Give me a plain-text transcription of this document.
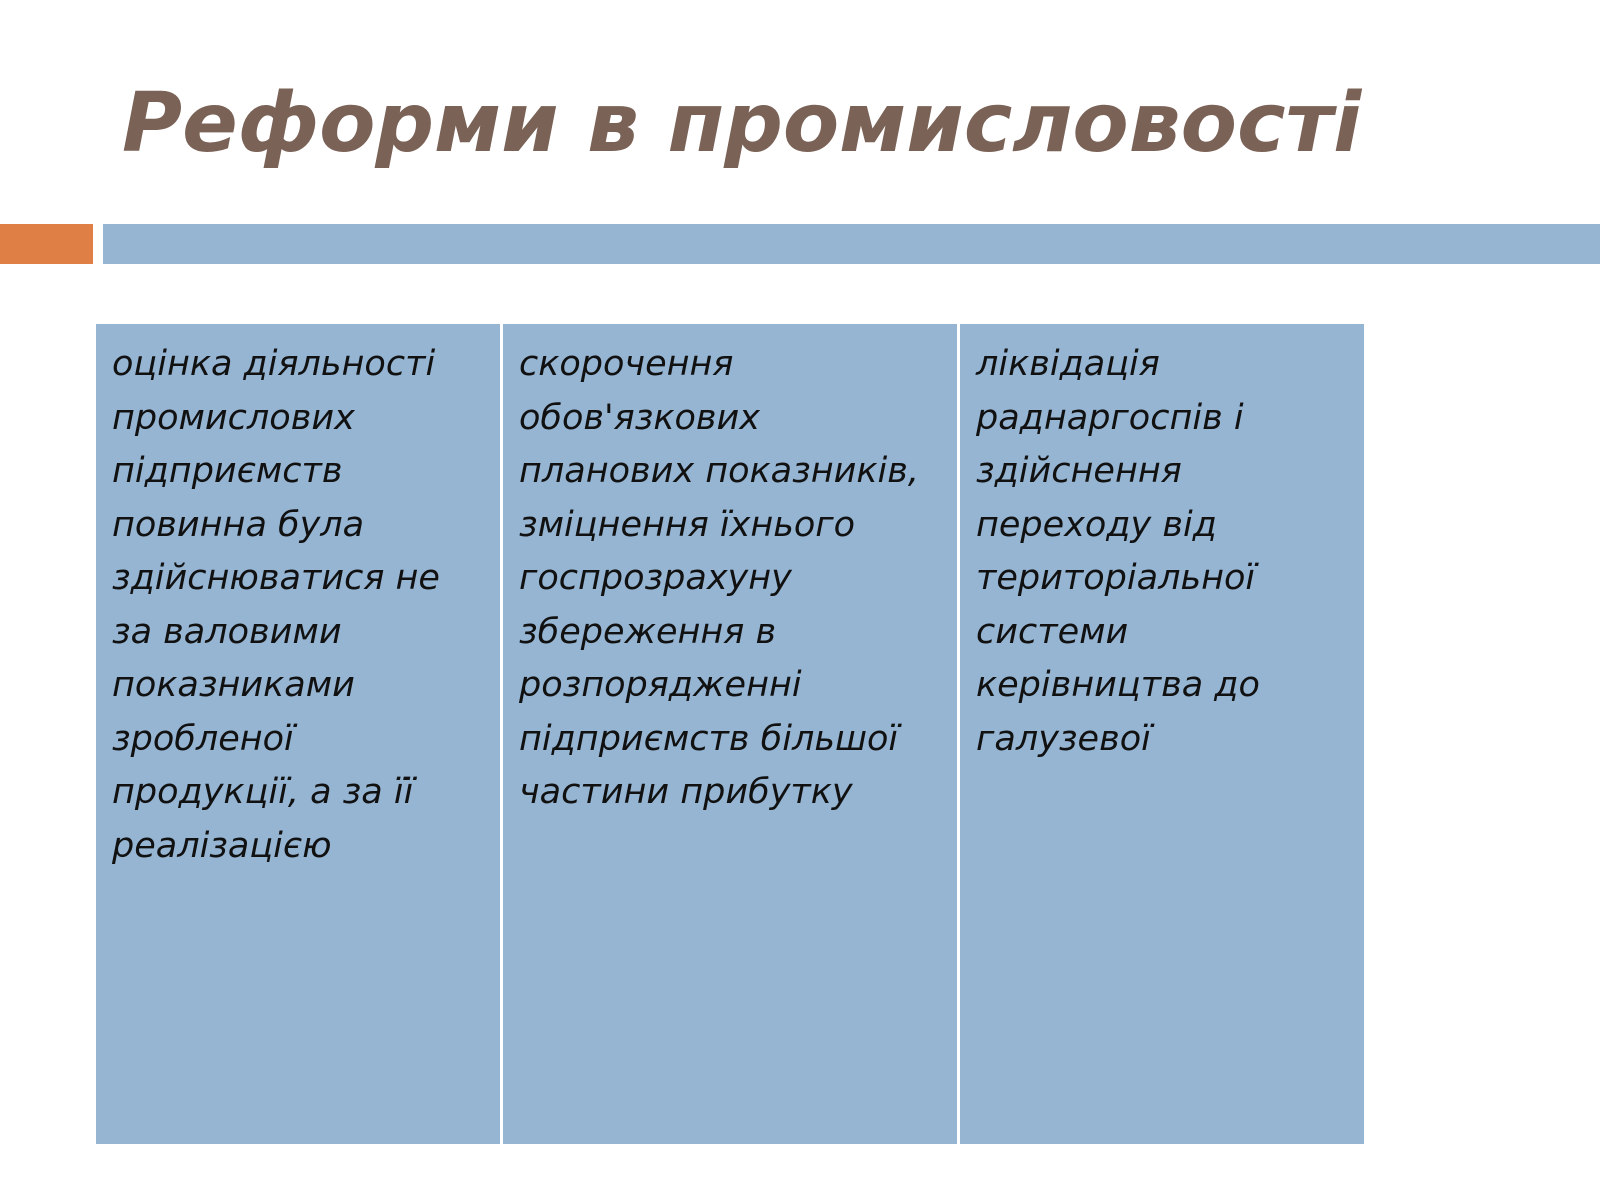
Реформи в промисловості

оцінка діяльності
промислових
підприємств
повинна була
здійснюватися не
за валовими
показниками
зробленої
продукції, а за її
реалізацією

скорочення
обов'язкових
планових показників,
зміцнення їхнього
госпрозрахуну
збереження в
розпорядженні
підприємств більшої
частини прибутку

ліквідація
раднаргоспів і
здійснення
переходу від
територіальної
системи
керівництва до
галузевої
